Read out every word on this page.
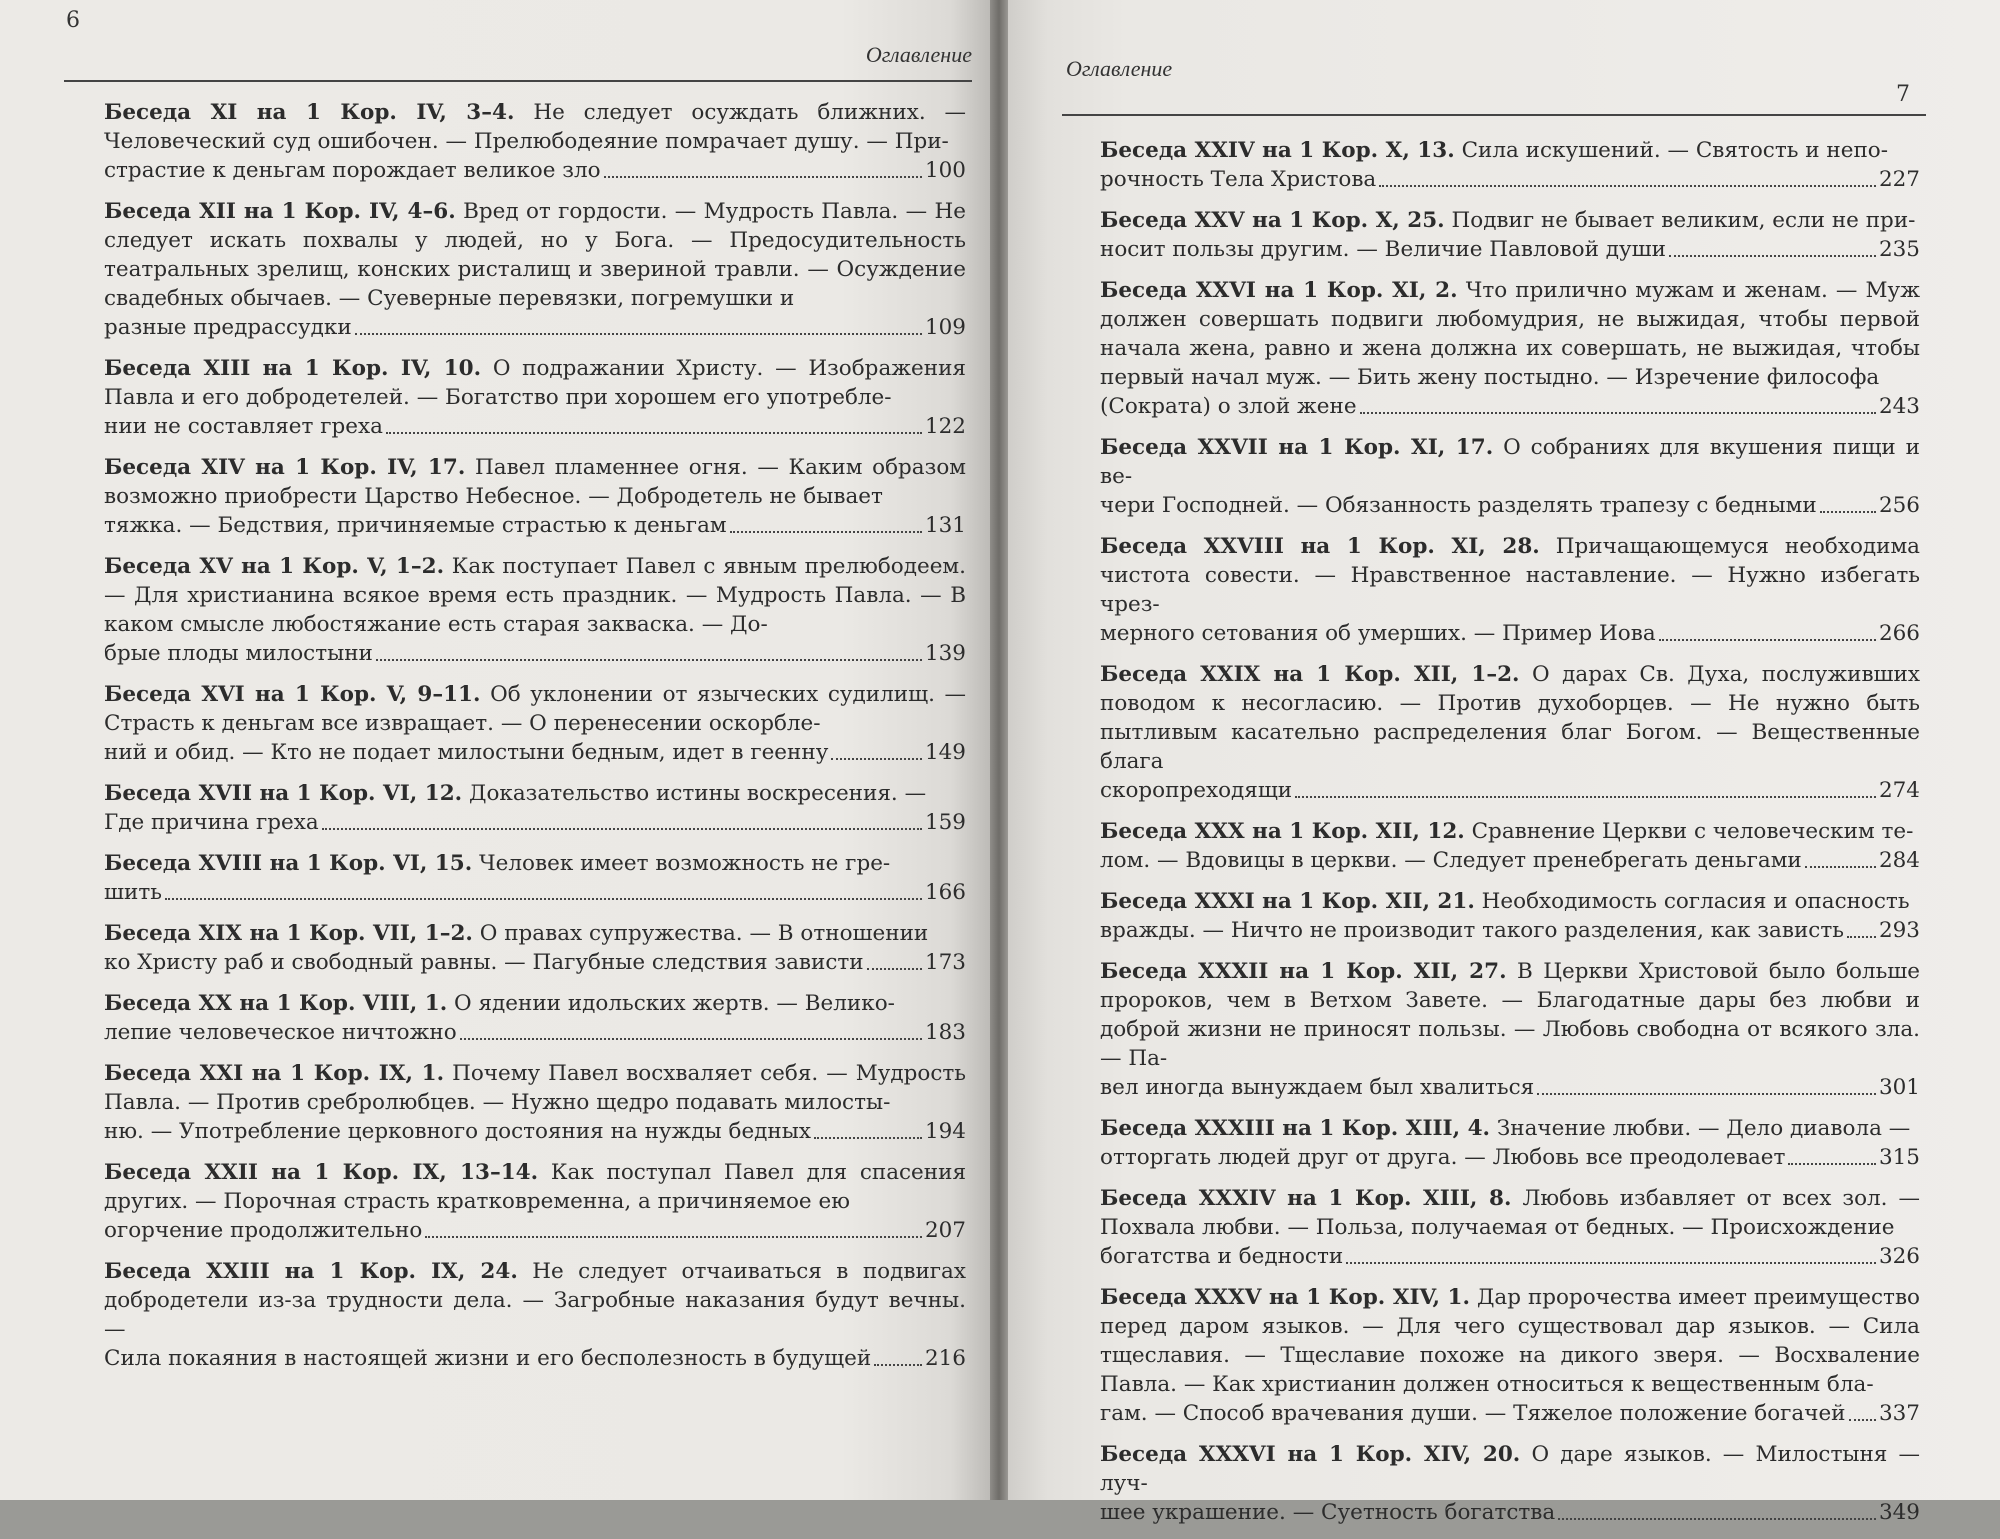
6
Оглавление
Беседа XI на 1 Кор. IV, 3–4. Не следует осуждать ближних. — Человеческий суд ошибочен. — Прелюбодеяние помрачает душу. — При-
страстие к деньгам порождает великое зло	100
Беседа XII на 1 Кор. IV, 4–6. Вред от гордости. — Мудрость Павла. — Не следует искать похвалы у людей, но у Бога. — Предосудительность театральных зрелищ, конских ристалищ и звериной травли. — Осуждение свадебных обычаев. — Суеверные перевязки, погремушки и
разные предрассудки	109
Беседа XIII на 1 Кор. IV, 10. О подражании Христу. — Изображения Павла и его добродетелей. — Богатство при хорошем его употребле-
нии не составляет греха	122
Беседа XIV на 1 Кор. IV, 17. Павел пламеннее огня. — Каким образом возможно приобрести Царство Небесное. — Добродетель не бывает
тяжка. — Бедствия, причиняемые страстью к деньгам	131
Беседа XV на 1 Кор. V, 1–2. Как поступает Павел с явным прелюбодеем. — Для христианина всякое время есть праздник. — Мудрость Павла. — В каком смысле любостяжание есть старая закваска. — До-
брые плоды милостыни	139
Беседа XVI на 1 Кор. V, 9–11. Об уклонении от языческих судилищ. — Страсть к деньгам все извращает. — О перенесении оскорбле-
ний и обид. — Кто не подает милостыни бедным, идет в геенну	149
Беседа XVII на 1 Кор. VI, 12. Доказательство истины воскресения. —
Где причина греха	159
Беседа XVIII на 1 Кор. VI, 15. Человек имеет возможность не гре-
шить	166
Беседа XIX на 1 Кор. VII, 1–2. О правах супружества. — В отношении
ко Христу раб и свободный равны. — Пагубные следствия зависти	173
Беседа XX на 1 Кор. VIII, 1. О ядении идольских жертв. — Велико-
лепие человеческое ничтожно	183
Беседа XXI на 1 Кор. IX, 1. Почему Павел восхваляет себя. — Мудрость Павла. — Против сребролюбцев. — Нужно щедро подавать милосты-
ню. — Употребление церковного достояния на нужды бедных	194
Беседа XXII на 1 Кор. IX, 13–14. Как поступал Павел для спасения других. — Порочная страсть кратковременна, а причиняемое ею
огорчение продолжительно	207
Беседа XXIII на 1 Кор. IX, 24. Не следует отчаиваться в подвигах добродетели из-за трудности дела. — Загробные наказания будут вечны. —
Сила покаяния в настоящей жизни и его бесполезность в будущей 216
Оглавление
7
Беседа XXIV на 1 Кор. X, 13. Сила искушений. — Святость и непо-
рочность Тела Христова	227
Беседа XXV на 1 Кор. X, 25. Подвиг не бывает великим, если не при-
носит пользы другим. — Величие Павловой души	235
Беседа XXVI на 1 Кор. XI, 2. Что прилично мужам и женам. — Муж должен совершать подвиги любомудрия, не выжидая, чтобы первой начала жена, равно и жена должна их совершать, не выжидая, чтобы первый начал муж. — Бить жену постыдно. — Изречение философа
(Сократа) о злой жене	243
Беседа XXVII на 1 Кор. XI, 17. О собраниях для вкушения пищи и ве-
чери Господней. — Обязанность разделять трапезу с бедными	256
Беседа XXVIII на 1 Кор. XI, 28. Причащающемуся необходима чистота совести. — Нравственное наставление. — Нужно избегать чрез-
мерного сетования об умерших. — Пример Иова	266
Беседа XXIX на 1 Кор. XII, 1–2. О дарах Св. Духа, послуживших поводом к несогласию. — Против духоборцев. — Не нужно быть пытливым касательно распределения благ Богом. — Вещественные блага
скоропреходящи	274
Беседа XXX на 1 Кор. XII, 12. Сравнение Церкви с человеческим те-
лом. — Вдовицы в церкви. — Следует пренебрегать деньгами	284
Беседа XXXI на 1 Кор. XII, 21. Необходимость согласия и опасность
вражды. — Ничто не производит такого разделения, как зависть 293
Беседа XXXII на 1 Кор. XII, 27. В Церкви Христовой было больше пророков, чем в Ветхом Завете. — Благодатные дары без любви и доброй жизни не приносят пользы. — Любовь свободна от всякого зла. — Па-
вел иногда вынуждаем был хвалиться	301
Беседа XXXIII на 1 Кор. XIII, 4. Значение любви. — Дело диавола —
отторгать людей друг от друга. — Любовь все преодолевает	315
Беседа XXXIV на 1 Кор. XIII, 8. Любовь избавляет от всех зол. — Похвала любви. — Польза, получаемая от бедных. — Происхождение
богатства и бедности	326
Беседа XXXV на 1 Кор. XIV, 1. Дар пророчества имеет преимущество перед даром языков. — Для чего существовал дар языков. — Сила тщеславия. — Тщеславие похоже на дикого зверя. — Восхваление Павла. — Как христианин должен относиться к вещественным бла-
гам. — Способ врачевания души. — Тяжелое положение богачей 337
Беседа XXXVI на 1 Кор. XIV, 20. О даре языков. — Милостыня — луч-
шее украшение. — Суетность богатства	349
